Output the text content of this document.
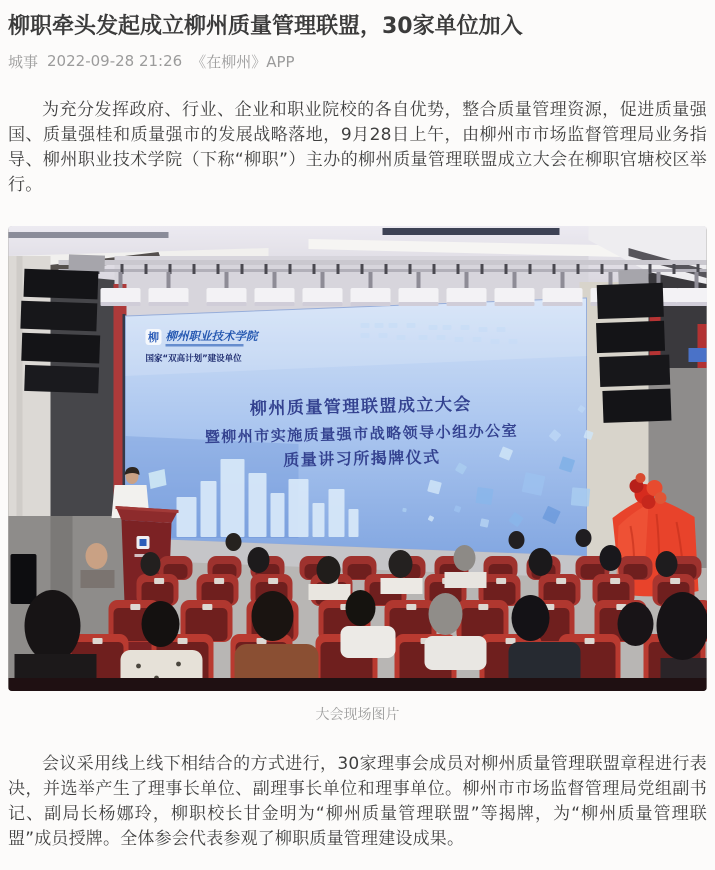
柳职牵头发起成立柳州质量管理联盟，30家单位加入
城事 2022-09-28 21:26 《在柳州》APP

为充分发挥政府、行业、企业和职业院校的各自优势，整合质量管理资源，促进质量强国、质量强桂和质量强市的发展战略落地，9月28日上午，由柳州市市场监督管理局业务指导、柳州职业技术学院（下称“柳职”）主办的柳州质量管理联盟成立大会在柳职官塘校区举行。

柳 柳州职业技术学院
国家“双高计划”建设单位
柳州质量管理联盟成立大会
暨柳州市实施质量强市战略领导小组办公室
质量讲习所揭牌仪式
大会现场图片

会议采用线上线下相结合的方式进行，30家理事会成员对柳州质量管理联盟章程进行表决，并选举产生了理事长单位、副理事长单位和理事单位。柳州市市场监督管理局党组副书记、副局长杨娜玲，柳职校长甘金明为“柳州质量管理联盟”等揭牌，为“柳州质量管理联盟”成员授牌。全体参会代表参观了柳职质量管理建设成果。
